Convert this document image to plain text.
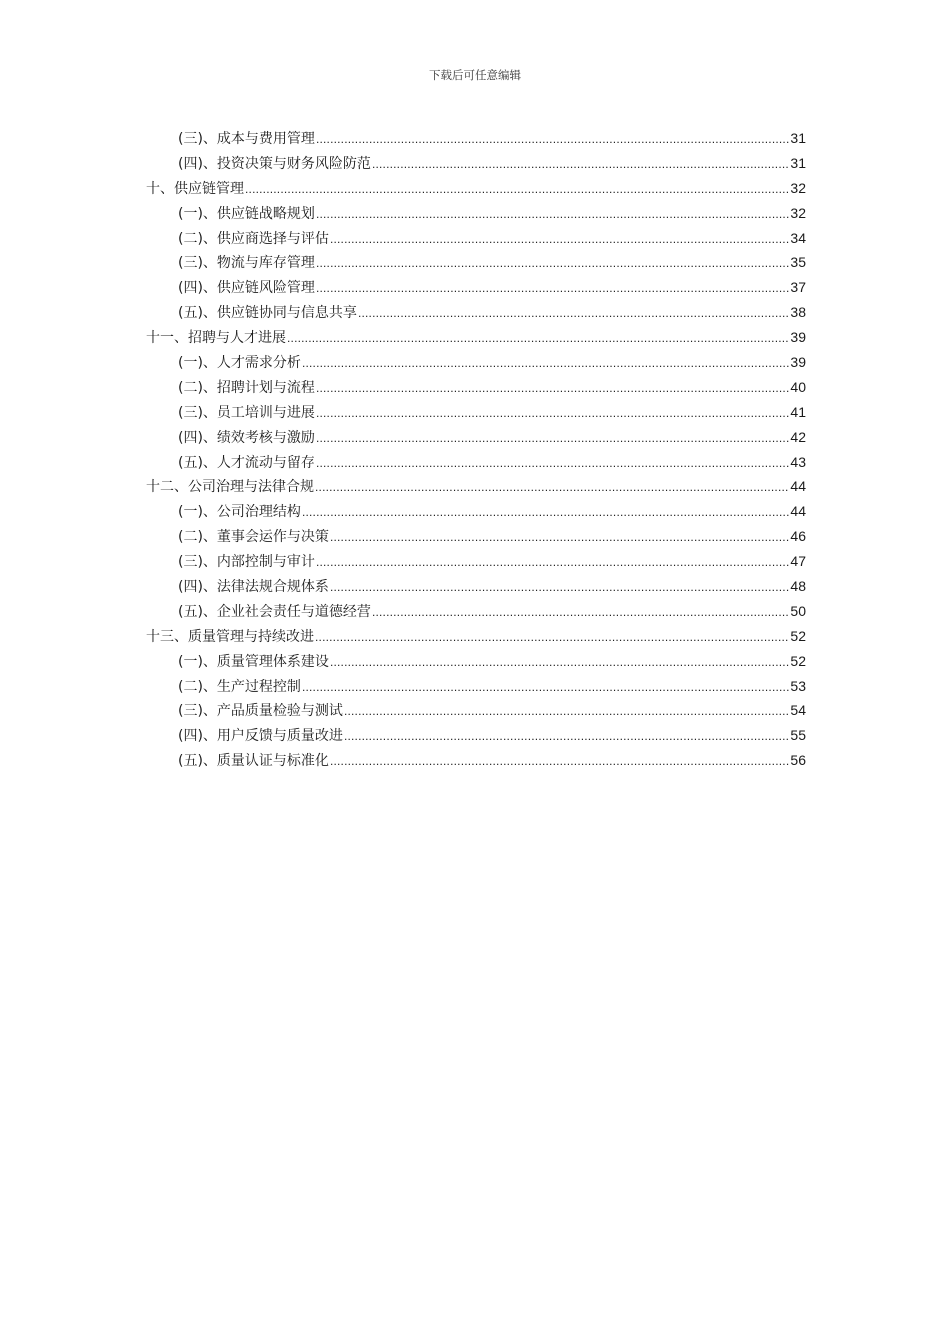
下载后可任意编辑
(三)、成本与费用管理 .....	31
(四)、投资决策与财务风险防范 .....	31
十、供应链管理 .....	32
(一)、供应链战略规划 .....	32
(二)、供应商选择与评估 .....	34
(三)、物流与库存管理 .....	35
(四)、供应链风险管理 .....	37
(五)、供应链协同与信息共享 .....	38
十一、招聘与人才进展 .....	39
(一)、人才需求分析 .....	39
(二)、招聘计划与流程 .....	40
(三)、员工培训与进展 .....	41
(四)、绩效考核与激励 .....	42
(五)、人才流动与留存 .....	43
十二、公司治理与法律合规 .....	44
(一)、公司治理结构 .....	44
(二)、董事会运作与决策 .....	46
(三)、内部控制与审计 .....	47
(四)、法律法规合规体系 .....	48
(五)、企业社会责任与道德经营 .....	50
十三、质量管理与持续改进 .....	52
(一)、质量管理体系建设 .....	52
(二)、生产过程控制 .....	53
(三)、产品质量检验与测试 .....	54
(四)、用户反馈与质量改进 .....	55
(五)、质量认证与标准化 .....	56
